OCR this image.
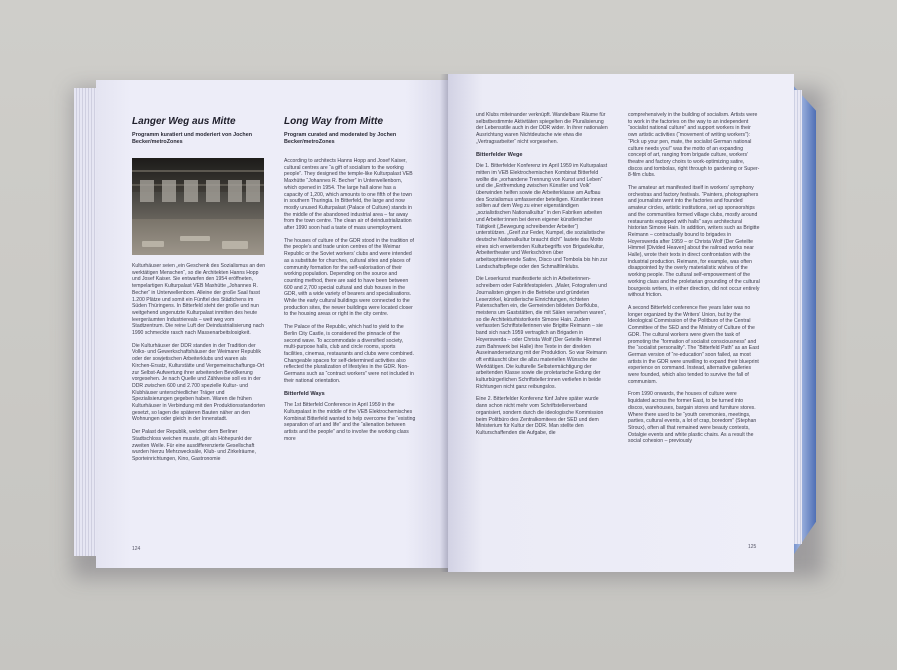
Langer Weg aus Mitte
Programm kuratiert und moderiert von Jochen Becker/metroZones

Kulturhäuser seien „ein Geschenk des Sozialismus an den werktätigen Menschen“, so die Architekten Hanns Hopp und Josef Kaiser. Sie entwarfen den 1954 eröffneten, tempelartigen Kulturpalast VEB Maxhütte „Johannes R. Becher“ in Unterwellenborn. Alleine der große Saal fasst 1.200 Plätze und somit ein Fünftel des Städtchens im Süden Thüringens. In Bitterfeld steht der große und nun weitgehend ungenutzte Kulturpalast inmitten des heute leergeräumten Industriereals – weit weg vom Stadtzentrum. Die reine Luft der Deindustrialisierung nach 1990 schmeckte rasch nach Massenarbeitslosigkeit.

Die Kulturhäuser der DDR standen in der Tradition der Volks- und Gewerkschaftshäuser der Weimarer Republik oder der sowjetischen Arbeiterklubs und waren als Kirchen-Ersatz, Kulturstätte und Vergemeinschaftungs-Ort zur Selbst-Aufwertung ihrer arbeitenden Bevölkerung vorgesehen. Je nach Quelle und Zählweise soll es in der DDR zwischen 600 und 2.700 spezielle Kultur- und Klubhäuser unterschiedlicher Träger und Spezialisierungen gegeben haben. Waren die frühen Kulturhäuser in Verbindung mit den Produktionsstandorten gesetzt, so lagen die späteren Bauten näher an den Wohnungen oder gleich in der Innenstadt.

Der Palast der Republik, welcher dem Berliner Stadtschloss weichen musste, gilt als Höhepunkt der zweiten Welle. Für eine ausdifferenzierte Gesellschaft wurden hierzu Mehrzwecksäle, Klub- und Zirkelräume, Sporteinrichtungen, Kino, Gastronomie

Long Way from Mitte
Program curated and moderated by Jochen Becker/metroZones

According to architects Hanns Hopp and Josef Kaiser, cultural centres are “a gift of socialism to the working people”. They designed the temple-like Kulturpalast VEB Maxhütte “Johannes R. Becher” in Unterwellenborn, which opened in 1954. The large hall alone has a capacity of 1,200, which amounts to one fifth of the town in southern Thuringia. In Bitterfeld, the large and now mostly unused Kulturpalast (Palace of Culture) stands in the middle of the abandoned industrial area – far away from the town centre. The clean air of deindustrialization after 1990 soon had a taste of mass unemployment.

The houses of culture of the GDR stood in the tradition of the people’s and trade union centres of the Weimar Republic or the Soviet workers’ clubs and were intended as a substitute for churches, cultural sites and places of community formation for the self-valorisation of their working population. Depending on the source and counting method, there are said to have been between 600 and 2,700 special cultural and club houses in the GDR, with a wide variety of bearers and specialisations. While the early cultural buildings were connected to the production sites, the newer buildings were located closer to the housing areas or right in the city centre.

The Palace of the Republic, which had to yield to the Berlin City Castle, is considered the pinnacle of the second wave. To accommodate a diversified society, multi-purpose halls, club and circle rooms, sports facilities, cinemas, restaurants and clubs were combined. Changeable spaces for self-determined activities also reflected the pluralization of lifestyles in the GDR. Non-Germans such as “contract workers” were not included in their national orientation.

Bitterfeld Ways

The 1st Bitterfeld Conference in April 1959 in the Kulturpalast in the middle of the VEB Elektrochemisches Kombinat Bitterfeld wanted to help overcome the “existing separation of art and life” and the “alienation between artists and the people” and to involve the working class more

124

und Klubs miteinander verknüpft. Wandelbare Räume für selbstbestimmte Aktivitäten spiegelten die Pluralisierung der Lebensstile auch in der DDR wider. In ihrer nationalen Ausrichtung waren Nichtdeutsche wie etwa die „Vertragsarbeiter“ nicht vorgesehen.

Bitterfelder Wege

Die 1. Bitterfelder Konferenz im April 1959 im Kulturpalast mitten im VEB Elektrochemischen Kombinat Bitterfeld wollte die „vorhandene Trennung von Kunst und Leben“ und die „Entfremdung zwischen Künstler und Volk“ überwinden helfen sowie die Arbeiterklasse am Aufbau des Sozialismus umfassender beteiligen. Künstler:innen sollten auf dem Weg zu einer eigenständigen „sozialistischen Nationalkultur“ in den Fabriken arbeiten und Arbeiter:innen bei deren eigener künstlerischer Tätigkeit („Bewegung schreibender Arbeiter“) unterstützen. „Greif zur Feder, Kumpel, die sozialistische deutsche Nationalkultur braucht dich!“ lautete das Motto eines sich erweiternden Kulturbegriffs von Brigadekultur, Arbeitertheater und Werkschören über arbeitsoptimierende Satire, Disco und Tombola bis hin zur Landschaftspflege oder den Schmalfilmklubs.

Die Leserkunst manifestierte sich in Arbeiterinnenschreibern oder Fabrikfestspielen. „Maler, Fotografen und Journalisten gingen in die Betriebe und gründeten Leserzirkel, künstlerische Einrichtungen, richteten Patenschaften ein, die Gemeinden bildeten Dorfklubs, meistens um Gaststätten, die mit Sälen versehen waren“, so die Architekturhistorikerin Simone Hain. Zudem verfassten Schriftstellerinnen wie Brigitte Reimann – sie band sich nach 1959 vertraglich an Brigaden in Hoyerswerda – oder Christa Wolf (Der Geteilte Himmel zum Bahnwerk bei Halle) ihre Texte in der direkten Auseinandersetzung mit der Produktion. So war Reimann oft enttäuscht über die allzu materiellen Wünsche der Werktätigen. Die kulturelle Selbstermächtigung der arbeitenden Klasse sowie die proletarische Erdung der kulturbürgerlichen Schriftsteller:innen verliefen in beide Richtungen nicht ganz reibungslos.

Eine 2. Bitterfelder Konferenz fünf Jahre später wurde dann schon nicht mehr vom Schriftstellerverband organisiert, sondern durch die ideologische Kommission beim Politbüro des Zentralkomitees der SED und dem Ministerium für Kultur der DDR. Man stellte den Kulturschaffenden die Aufgabe, die

comprehensively in the building of socialism. Artists were to work in the factories on the way to an independent “socialist national culture” and support workers in their own artistic activities (“movement of writing workers”): “Pick up your pen, mate, the socialist German national culture needs you!” was the motto of an expanding concept of art, ranging from brigade culture, workers’ theatre and factory choirs to work-optimizing satire, discos and tombolas, right through to gardening or Super-8-film clubs.

The amateur art manifested itself in workers’ symphony orchestras and factory festivals. “Painters, photographers and journalists went into the factories and founded amateur circles, artistic institutions, set up sponsorships and the communities formed village clubs, mostly around restaurants equipped with halls” says architectural historian Simone Hain. In addition, writers such as Brigitte Reimann – contractually bound to brigades in Hoyerswerda after 1959 – or Christa Wolf (Der Geteilte Himmel [Divided Heaven] about the railroad works near Halle), wrote their texts in direct confrontation with the industrial production. Reimann, for example, was often disappointed by the overly materialistic wishes of the working people. The cultural self-empowerment of the working class and the proletarian grounding of the cultural bourgeois writers, in either direction, did not occur entirely without friction.

A second Bitterfeld conference five years later was no longer organized by the Writers’ Union, but by the Ideological Commission of the Politburo of the Central Committee of the SED and the Ministry of Culture of the GDR. The cultural workers were given the task of promoting the “formation of socialist consciousness” and the “socialist personality”. The “Bitterfeld Path” as an East German version of “re-education” soon failed, as most artists in the GDR were unwilling to expand their blueprint experience on command. Instead, alternative galleries were founded, which also tended to survive the fall of communism.

From 1990 onwards, the houses of culture were liquidated across the former East, to be turned into discos, warehouses, bargain stores and furniture stores. Where there used to be “youth ceremonies, meetings, parties, cultural events, a lot of crap, boredom” (Stephan Stroux), often all that remained were beauty contests, Ostalgie events and white plastic chairs. As a result the social cohesion – previously

125
